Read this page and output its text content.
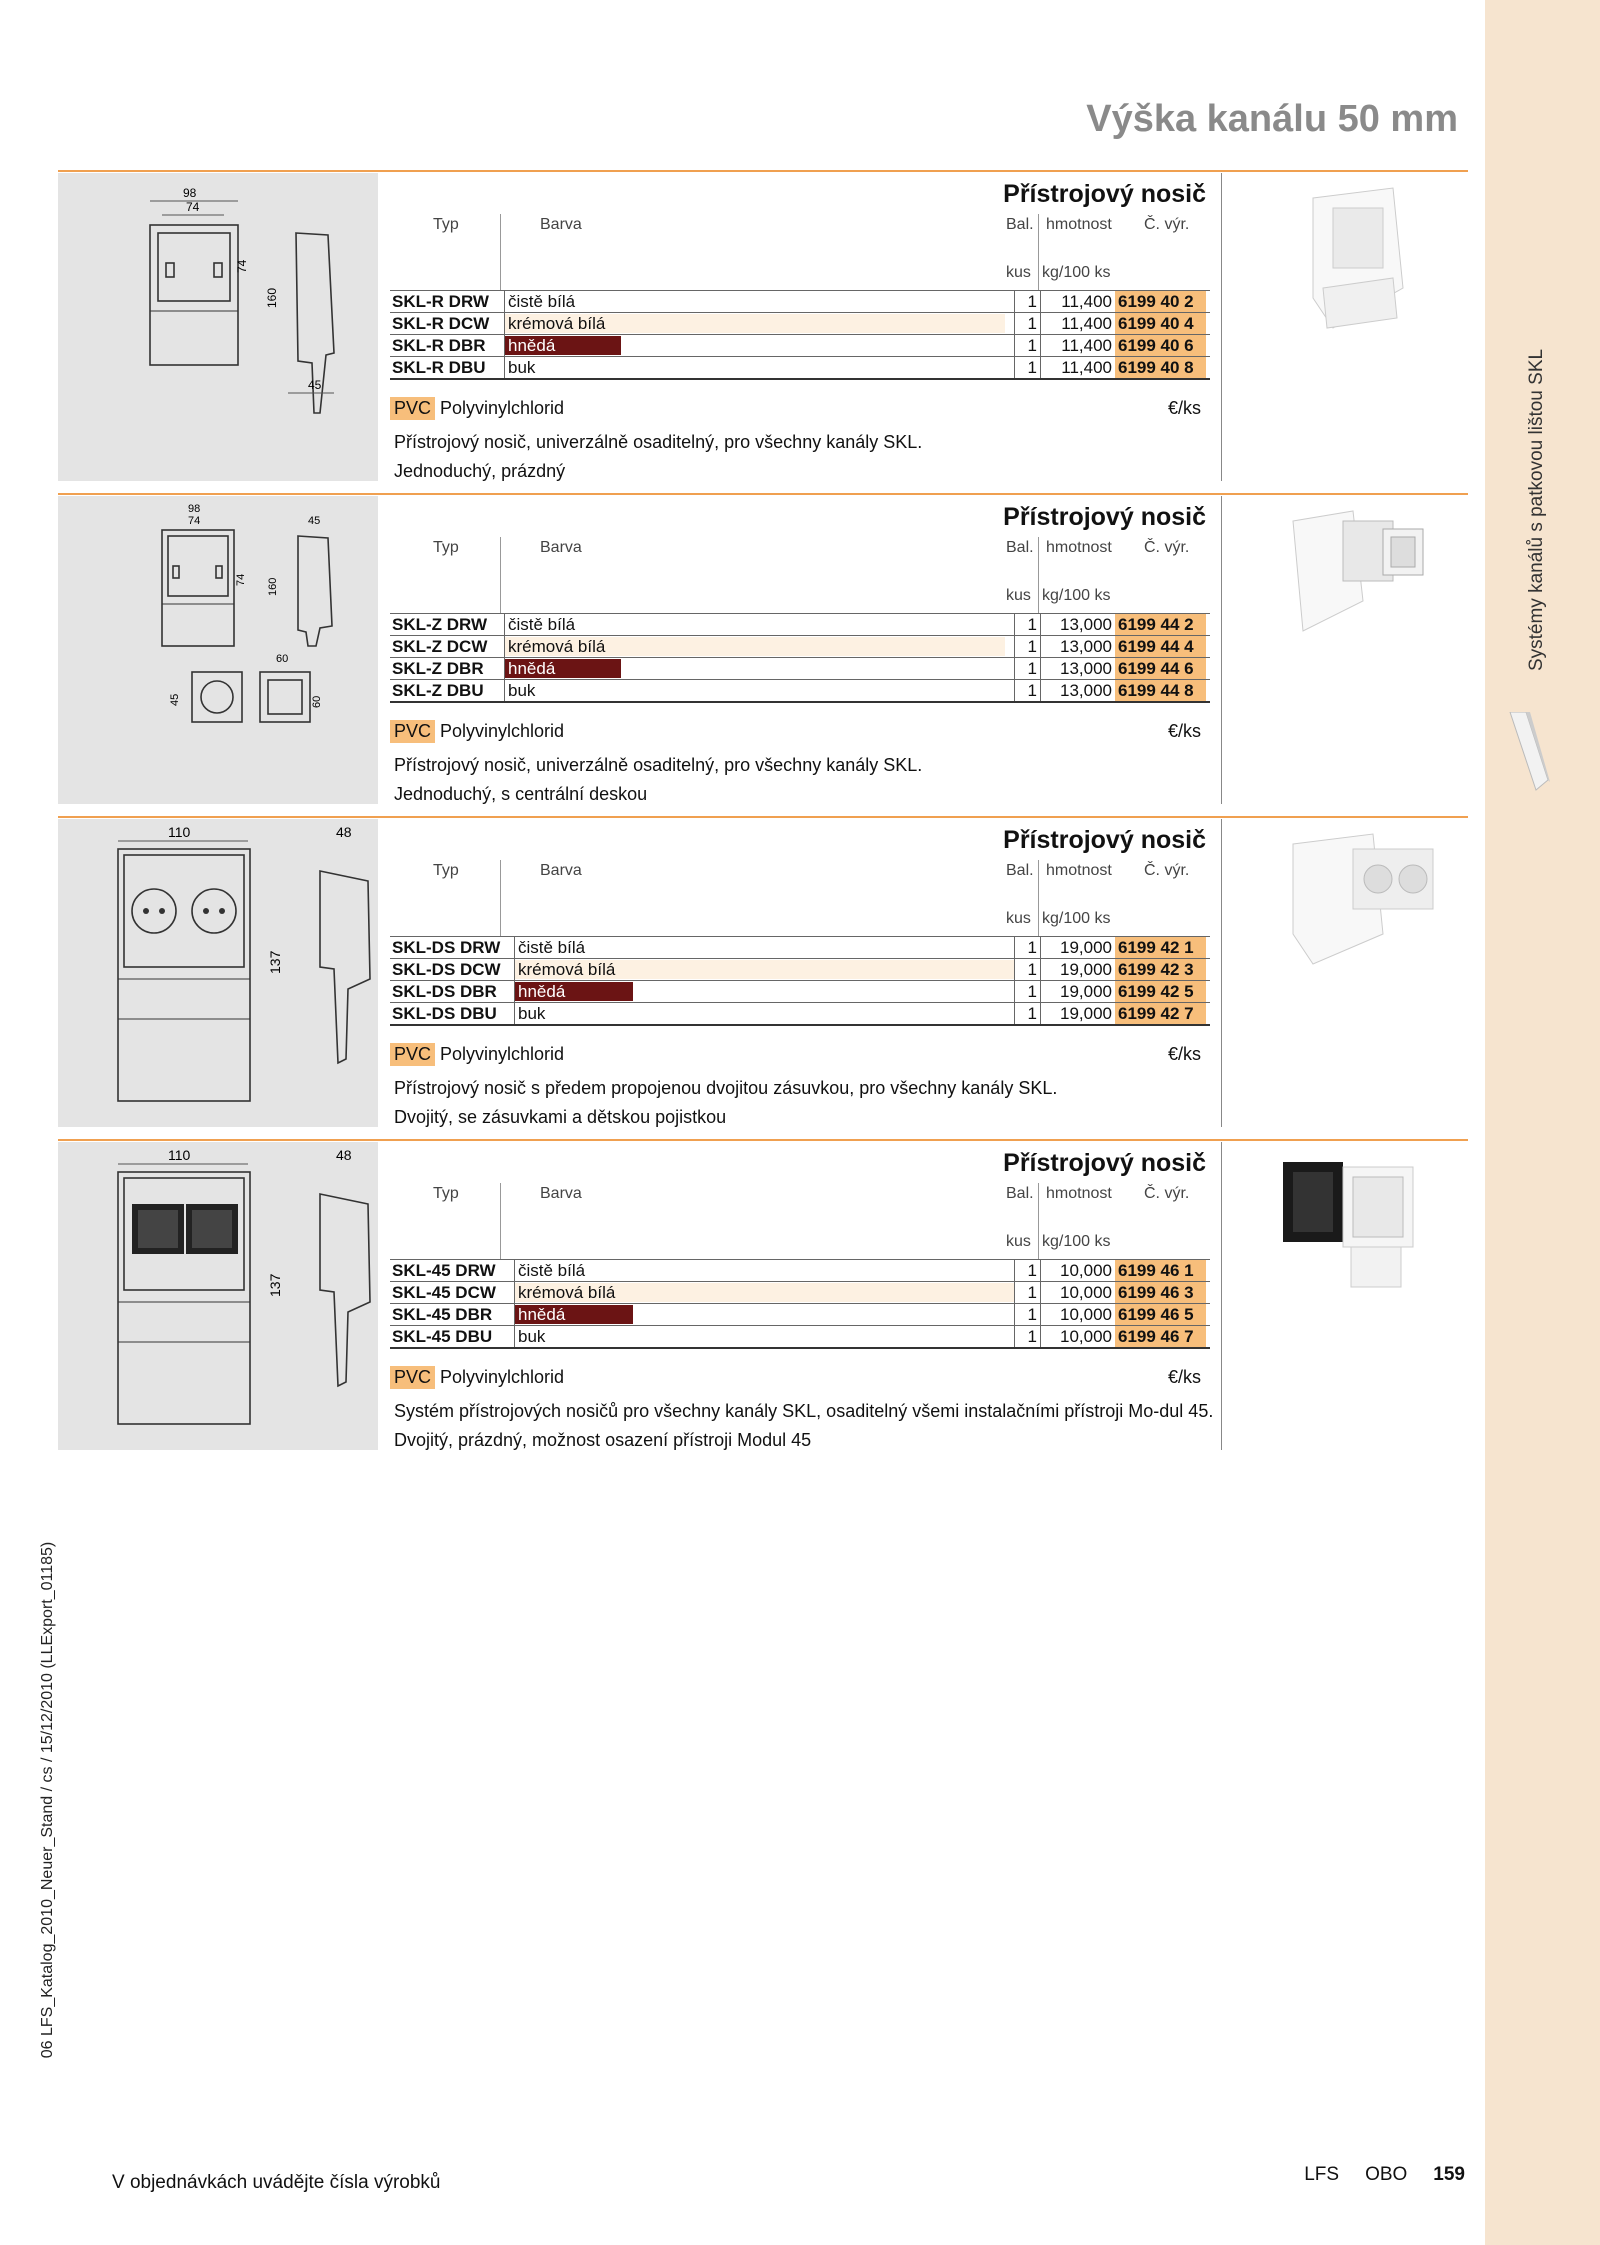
Systémy kanálů s patkovou lištou SKL
Výška kanálu 50 mm
06 LFS_Katalog_2010_Neuer_Stand / cs / 15/12/2010 (LLExport_01185)
98
74
74
160
45
Přístrojový nosič
Typ	Barva	Bal. hmotnost Č. výr.
kus kg/100 ks
SKL-R DRW čistě bílá	1	11,400 6199 40 2
SKL-R DCW krémová bílá	1	11,400 6199 40 4
SKL-R DBR hnědá	1	11,400 6199 40 6
SKL-R DBU buk	1	11,400 6199 40 8
PVC Polyvinylchlorid	€/ks

Přístrojový nosič, univerzálně osaditelný, pro všechny kanály SKL.

Jednoduchý, prázdný

98
74	45
74 160
45
60
60
Přístrojový nosič
Typ	Barva	Bal. hmotnost Č. výr.
kus kg/100 ks
SKL-Z DRW čistě bílá	1	13,000 6199 44 2
SKL-Z DCW krémová bílá	1	13,000 6199 44 4
SKL-Z DBR hnědá	1	13,000 6199 44 6
SKL-Z DBU buk	1	13,000 6199 44 8
PVC Polyvinylchlorid	€/ks

Přístrojový nosič, univerzálně osaditelný, pro všechny kanály SKL.

Jednoduchý, s centrální deskou

110	48
137
Přístrojový nosič
Typ	Barva	Bal. hmotnost Č. výr.
kus kg/100 ks
SKL-DS DRW čistě bílá	1	19,000 6199 42 1
SKL-DS DCW krémová bílá	1	19,000 6199 42 3
SKL-DS DBR hnědá	1	19,000 6199 42 5
SKL-DS DBU buk	1	19,000 6199 42 7
PVC Polyvinylchlorid	€/ks

Přístrojový nosič s předem propojenou dvojitou zásuvkou, pro všechny kanály SKL.

Dvojitý, se zásuvkami a dětskou pojistkou

110	48
137
Přístrojový nosič
Typ	Barva	Bal. hmotnost Č. výr.
kus kg/100 ks
SKL-45 DRW čistě bílá	1	10,000 6199 46 1
SKL-45 DCW krémová bílá	1	10,000 6199 46 3
SKL-45 DBR hnědá	1	10,000 6199 46 5
SKL-45 DBU buk	1	10,000 6199 46 7
PVC Polyvinylchlorid	€/ks

Systém přístrojových nosičů pro všechny kanály SKL, osaditelný všemi instalačními přístroji Mo-dul 45.

Dvojitý, prázdný, možnost osazení přístroji Modul 45

V objednávkách uvádějte čísla výrobků	LFS OBO 159
